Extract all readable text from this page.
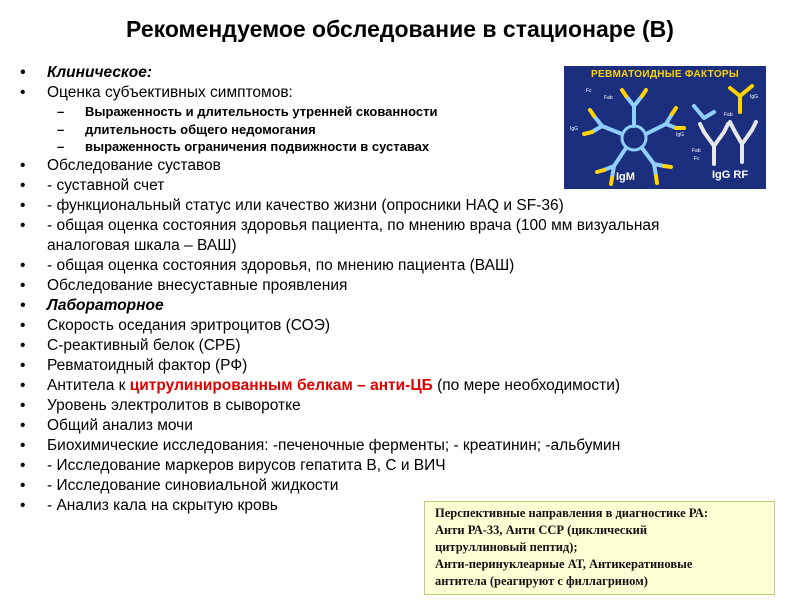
Рекомендуемое обследование в стационаре (В)
•	Клиническое:
•	Оценка субъективных симптомов:
–	Выраженность и длительность утренней скованности
–	длительность общего недомогания
–	выраженность ограничения подвижности в суставах
•	Обследование суставов
•	- суставной счет
•	- функциональный статус или качество жизни (опросники HAQ и SF-36)
•	- общая оценка состояния здоровья пациента, по мнению врача (100 мм визуальная
аналоговая шкала – ВАШ)
•	- общая оценка состояния здоровья, по мнению пациента (ВАШ)
•	Обследование внесуставные проявления
•	Лабораторное
•	Скорость оседания эритроцитов (СОЭ)
•	С-реактивный белок (СРБ)
•	Ревматоидный фактор (РФ)
•	Антитела к цитрулинированным белкам – анти-ЦБ (по мере необходимости)
•	Уровень электролитов в сыворотке
•	Общий анализ мочи
•	Биохимические исследования: -печеночные ферменты; - креатинин; -альбумин
•	- Исследование маркеров вирусов гепатита В, С и ВИЧ
•	- Исследование синовиальной жидкости
•	- Анализ кала на скрытую кровь
РЕВМАТОИДНЫЕ ФАКТОРЫ
IgM	IgG RF
Fc
Fab
IgG
IgG
Fab
Fc
IgG
Fab
Перспективные направления в диагностике РА:
Анти РА-33, Анти ССР (циклический
цитруллиновый пептид);
Анти-перинуклеарные АТ, Антикератиновые
антитела (реагируют с филлагрином)
